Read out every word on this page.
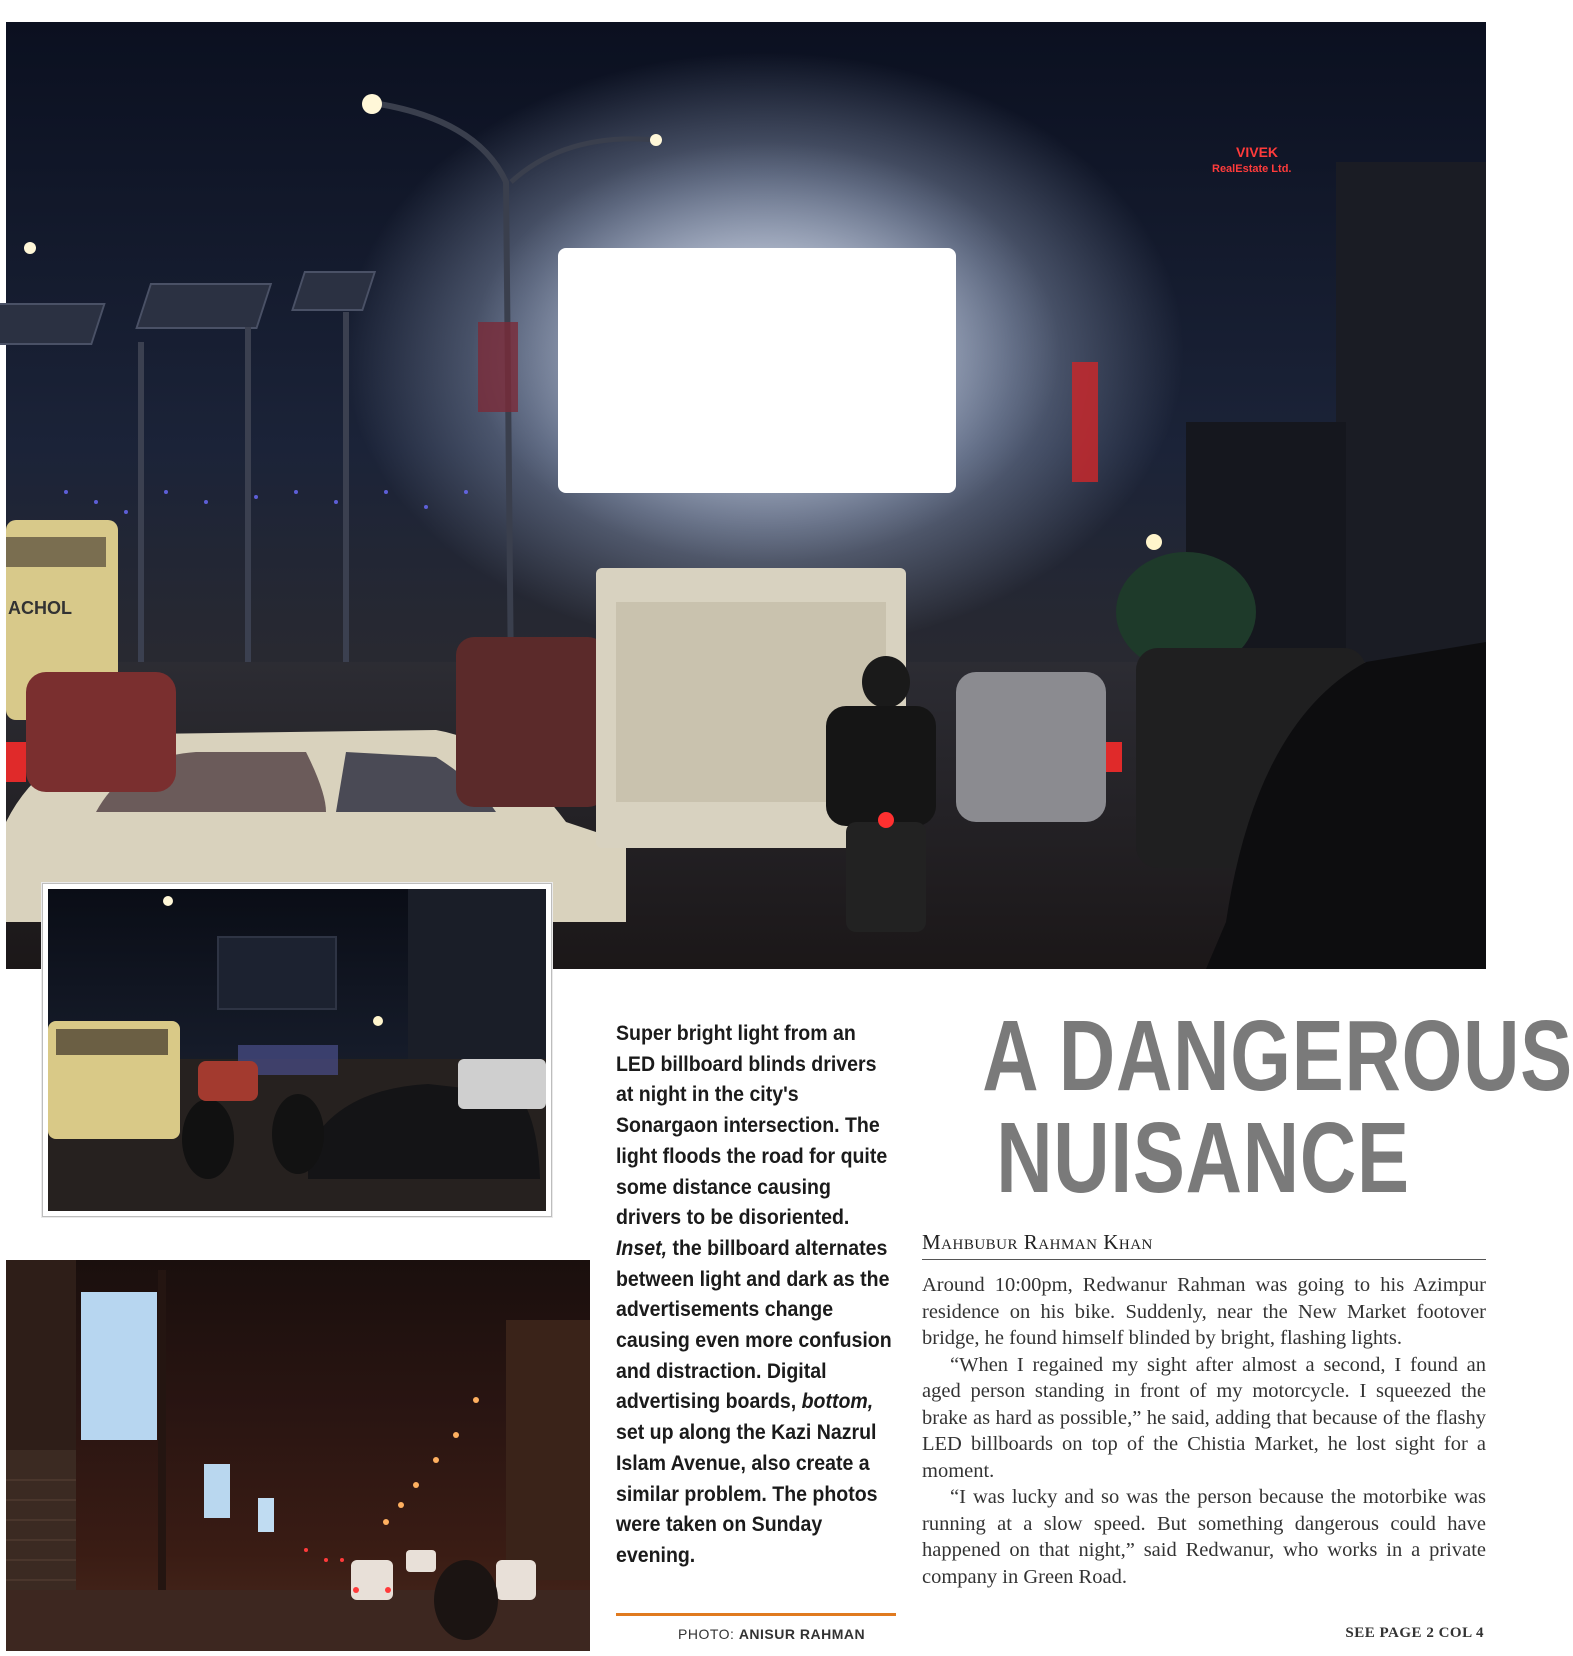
VIVEK
RealEstate Ltd.
ACHOL
Super bright light from an LED billboard blinds drivers at night in the city's Sonargaon intersection. The light floods the road for quite some distance causing drivers to be disoriented. Inset, the billboard alternates between light and dark as the advertisements change causing even more confusion and distraction. Digital advertising boards, bottom, set up along the Kazi Nazrul Islam Avenue, also create a similar problem. The photos were taken on Sunday evening.
PHOTO: ANISUR RAHMAN
A DANGEROUS
NUISANCE
Mahbubur Rahman Khan

Around 10:00pm, Redwanur Rahman was going to his Azimpur residence on his bike. Suddenly, near the New Market footover bridge, he found himself blinded by bright, flashing lights.

“When I regained my sight after almost a second, I found an aged person standing in front of my motorcycle. I squeezed the brake as hard as possible,” he said, adding that because of the flashy LED billboards on top of the Chistia Market, he lost sight for a moment.

“I was lucky and so was the person because the motorbike was running at a slow speed. But something dangerous could have happened on that night,” said Redwanur, who works in a private company in Green Road.

SEE PAGE 2 COL 4
